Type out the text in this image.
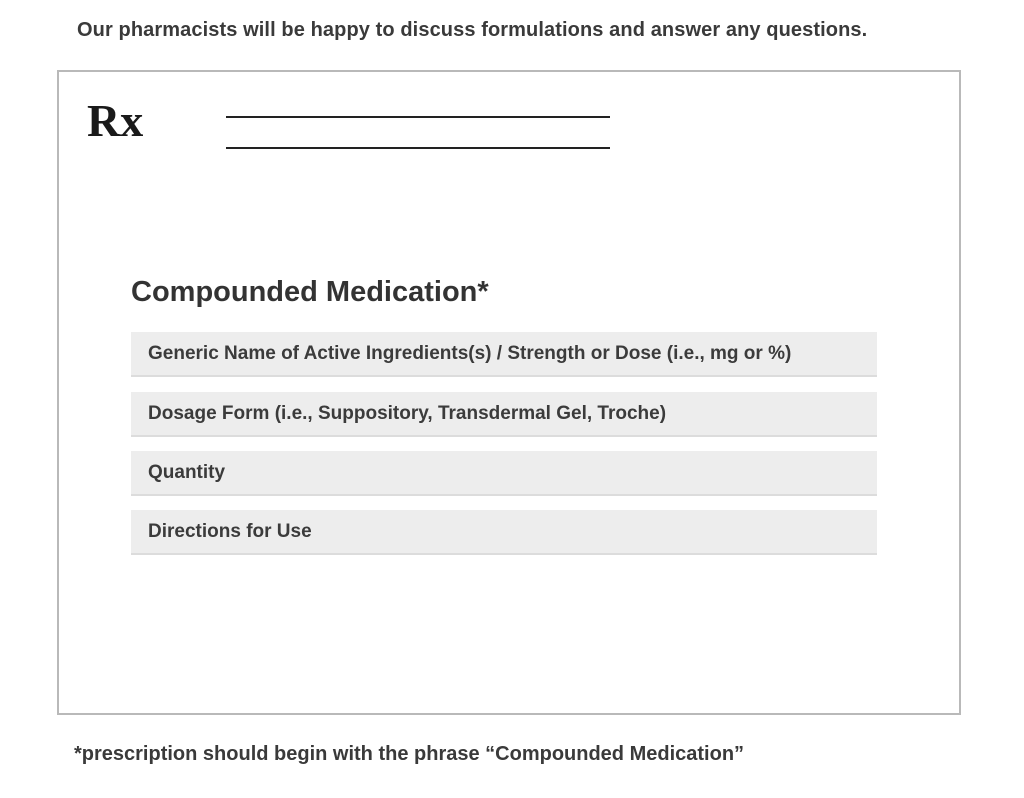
Our pharmacists will be happy to discuss formulations and answer any questions.
Rx
Compounded Medication*
Generic Name of Active Ingredients(s) / Strength or Dose (i.e., mg or %)
Dosage Form (i.e., Suppository, Transdermal Gel, Troche)
Quantity
Directions for Use
*prescription should begin with the phrase “Compounded Medication”
